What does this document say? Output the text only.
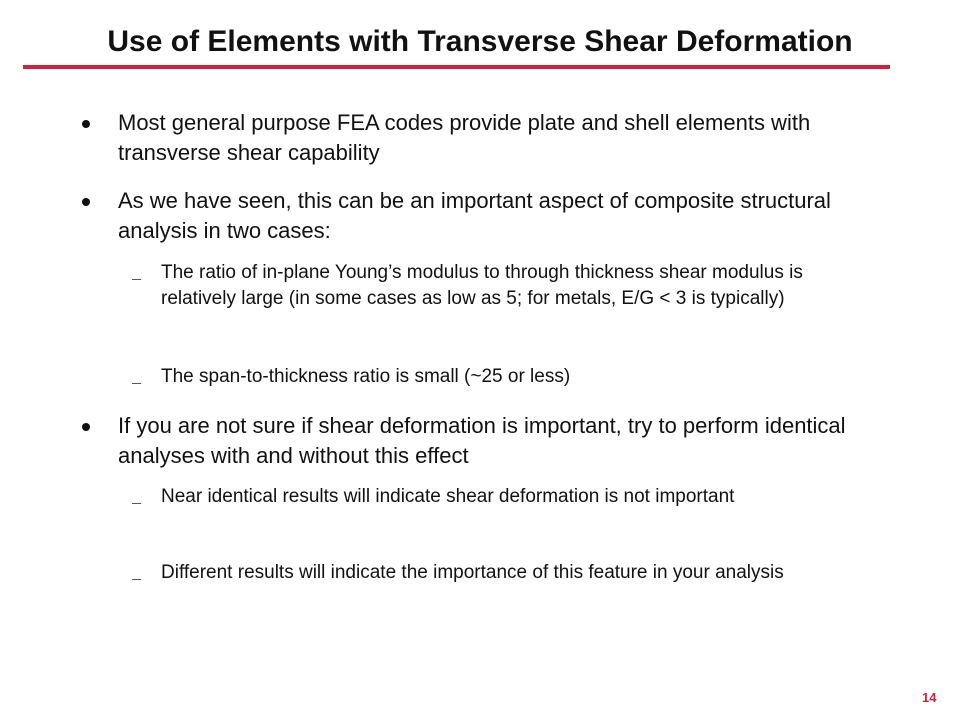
Use of Elements with Transverse Shear Deformation
Most general purpose FEA codes provide plate and shell elements with transverse shear capability
As we have seen, this can be an important aspect of composite structural analysis in two cases:
The ratio of in-plane Young’s modulus to through thickness shear modulus is relatively large (in some cases as low as 5; for metals, E/G < 3 is typically)
The span-to-thickness ratio is small (~25 or less)
If you are not sure if shear deformation is important, try to perform identical analyses with and without this effect
Near identical results will indicate shear deformation is not important
Different results will indicate the importance of this feature in your analysis
14
